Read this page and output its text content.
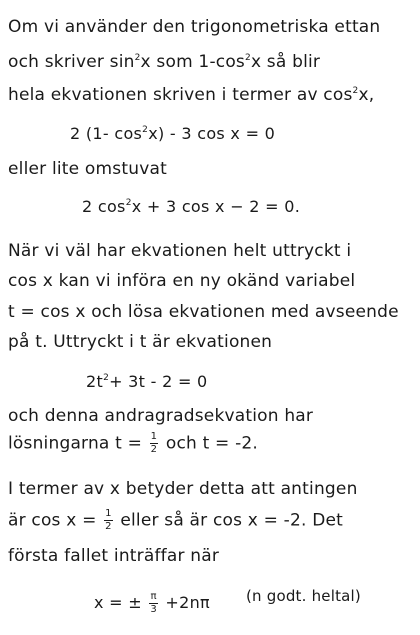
Om vi använder den trigonometriska ettan
och skriver $\sin^2x$ som $1-\cos^2x$ så blir
hela ekvationen skriven i termer av $\cos^2x$,
2 (1- $\cos^2x) - 3$ cos x = 0
eller lite omstuvat
2 $\cos^2x + 3$ cos x − 2 = 0.
När vi väl har ekvationen helt uttryckt i
cos x kan vi införa en ny okänd variabel
t = cos x och lösa ekvationen med avseende
på t. Uttryckt i t är ekvationen
$2t^2+ 3t - 2 = 0$
och denna andragradsekvation har
lösningarna $t = \frac{1}{2}$ och t = -2.
I termer av x betyder detta att antingen
är $\cos x = \frac{1}{2}$ eller så är cos x = -2. Det
första fallet inträffar när
x = ± $\frac{\pi}{3} +2n\pi$ (n godt. heltal)
